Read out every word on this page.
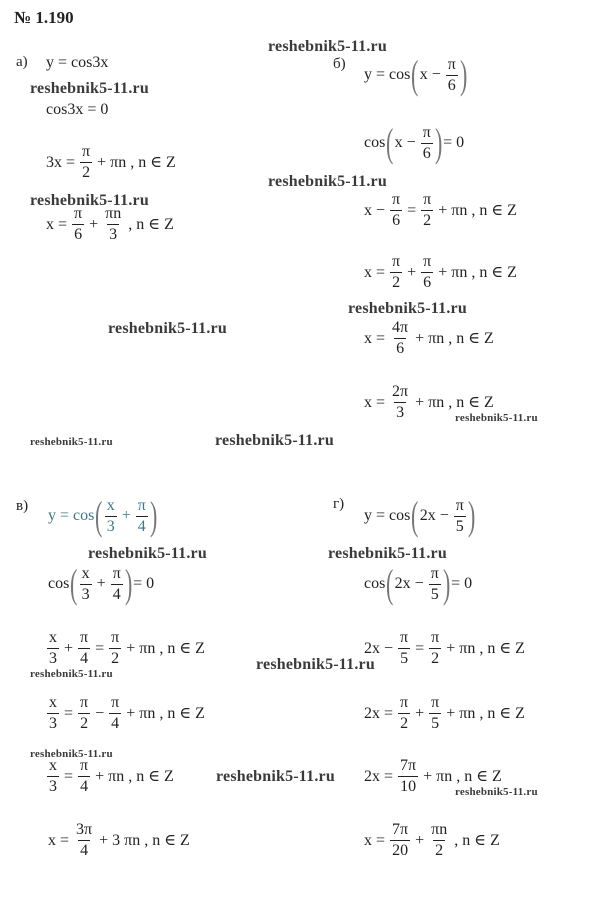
№ 1.190
reshebnik5-11.ru
reshebnik5-11.ru
reshebnik5-11.ru
reshebnik5-11.ru
reshebnik5-11.ru
reshebnik5-11.ru
reshebnik5-11.ru
reshebnik5-11.ru	reshebnik5-11.ru
reshebnik5-11.ru	reshebnik5-11.ru
reshebnik5-11.ru
reshebnik5-11.ru
reshebnik5-11.ru
reshebnik5-11.ru
reshebnik5-11.ru
а) y = cos3x
cos3x = 0
$3x = \frac{\pi}{2} + \pi n$ , n ∈ Z
$x = \frac{\pi}{6} + \frac{\pi n}{3}$ , n ∈ Z
б)
y = cos ( $x - \frac{\pi}{6}$ )
cos ( $x - \frac{\pi}{6}$ ) = 0
$x - \frac{\pi}{6} = \frac{\pi}{2} + \pi n$ , n ∈ Z
$x = \frac{\pi}{2} + \frac{\pi}{6} + \pi n$ , n ∈ Z
$x = \frac{4\pi}{6} + \pi n$ , n ∈ Z
$x = \frac{2\pi}{3} + \pi n$ , n ∈ Z
в)
y = cos ( $\frac{x}{3} + \frac{\pi}{4}$ )
cos ( $\frac{x}{3} + \frac{\pi}{4}$ ) = 0
$\frac{x}{3} + \frac{\pi}{4} = \frac{\pi}{2} + \pi n$ , n ∈ Z
$\frac{x}{3} = \frac{\pi}{2} - \frac{\pi}{4} + \pi n$ , n ∈ Z
$\frac{x}{3} = \frac{\pi}{4} + \pi n$ , n ∈ Z
$x = \frac{3\pi}{4} + 3$ πn , n ∈ Z
г)
y = cos ( $2x - \frac{\pi}{5}$ )
cos ( $2x - \frac{\pi}{5}$ ) = 0
$2x - \frac{\pi}{5} = \frac{\pi}{2} + \pi n$ , n ∈ Z
$2x = \frac{\pi}{2} + \frac{\pi}{5} + \pi n$ , n ∈ Z
$2x = \frac{7\pi}{10} + \pi n$ , n ∈ Z
$x = \frac{7\pi}{20} + \frac{\pi n}{2}$ , n ∈ Z
